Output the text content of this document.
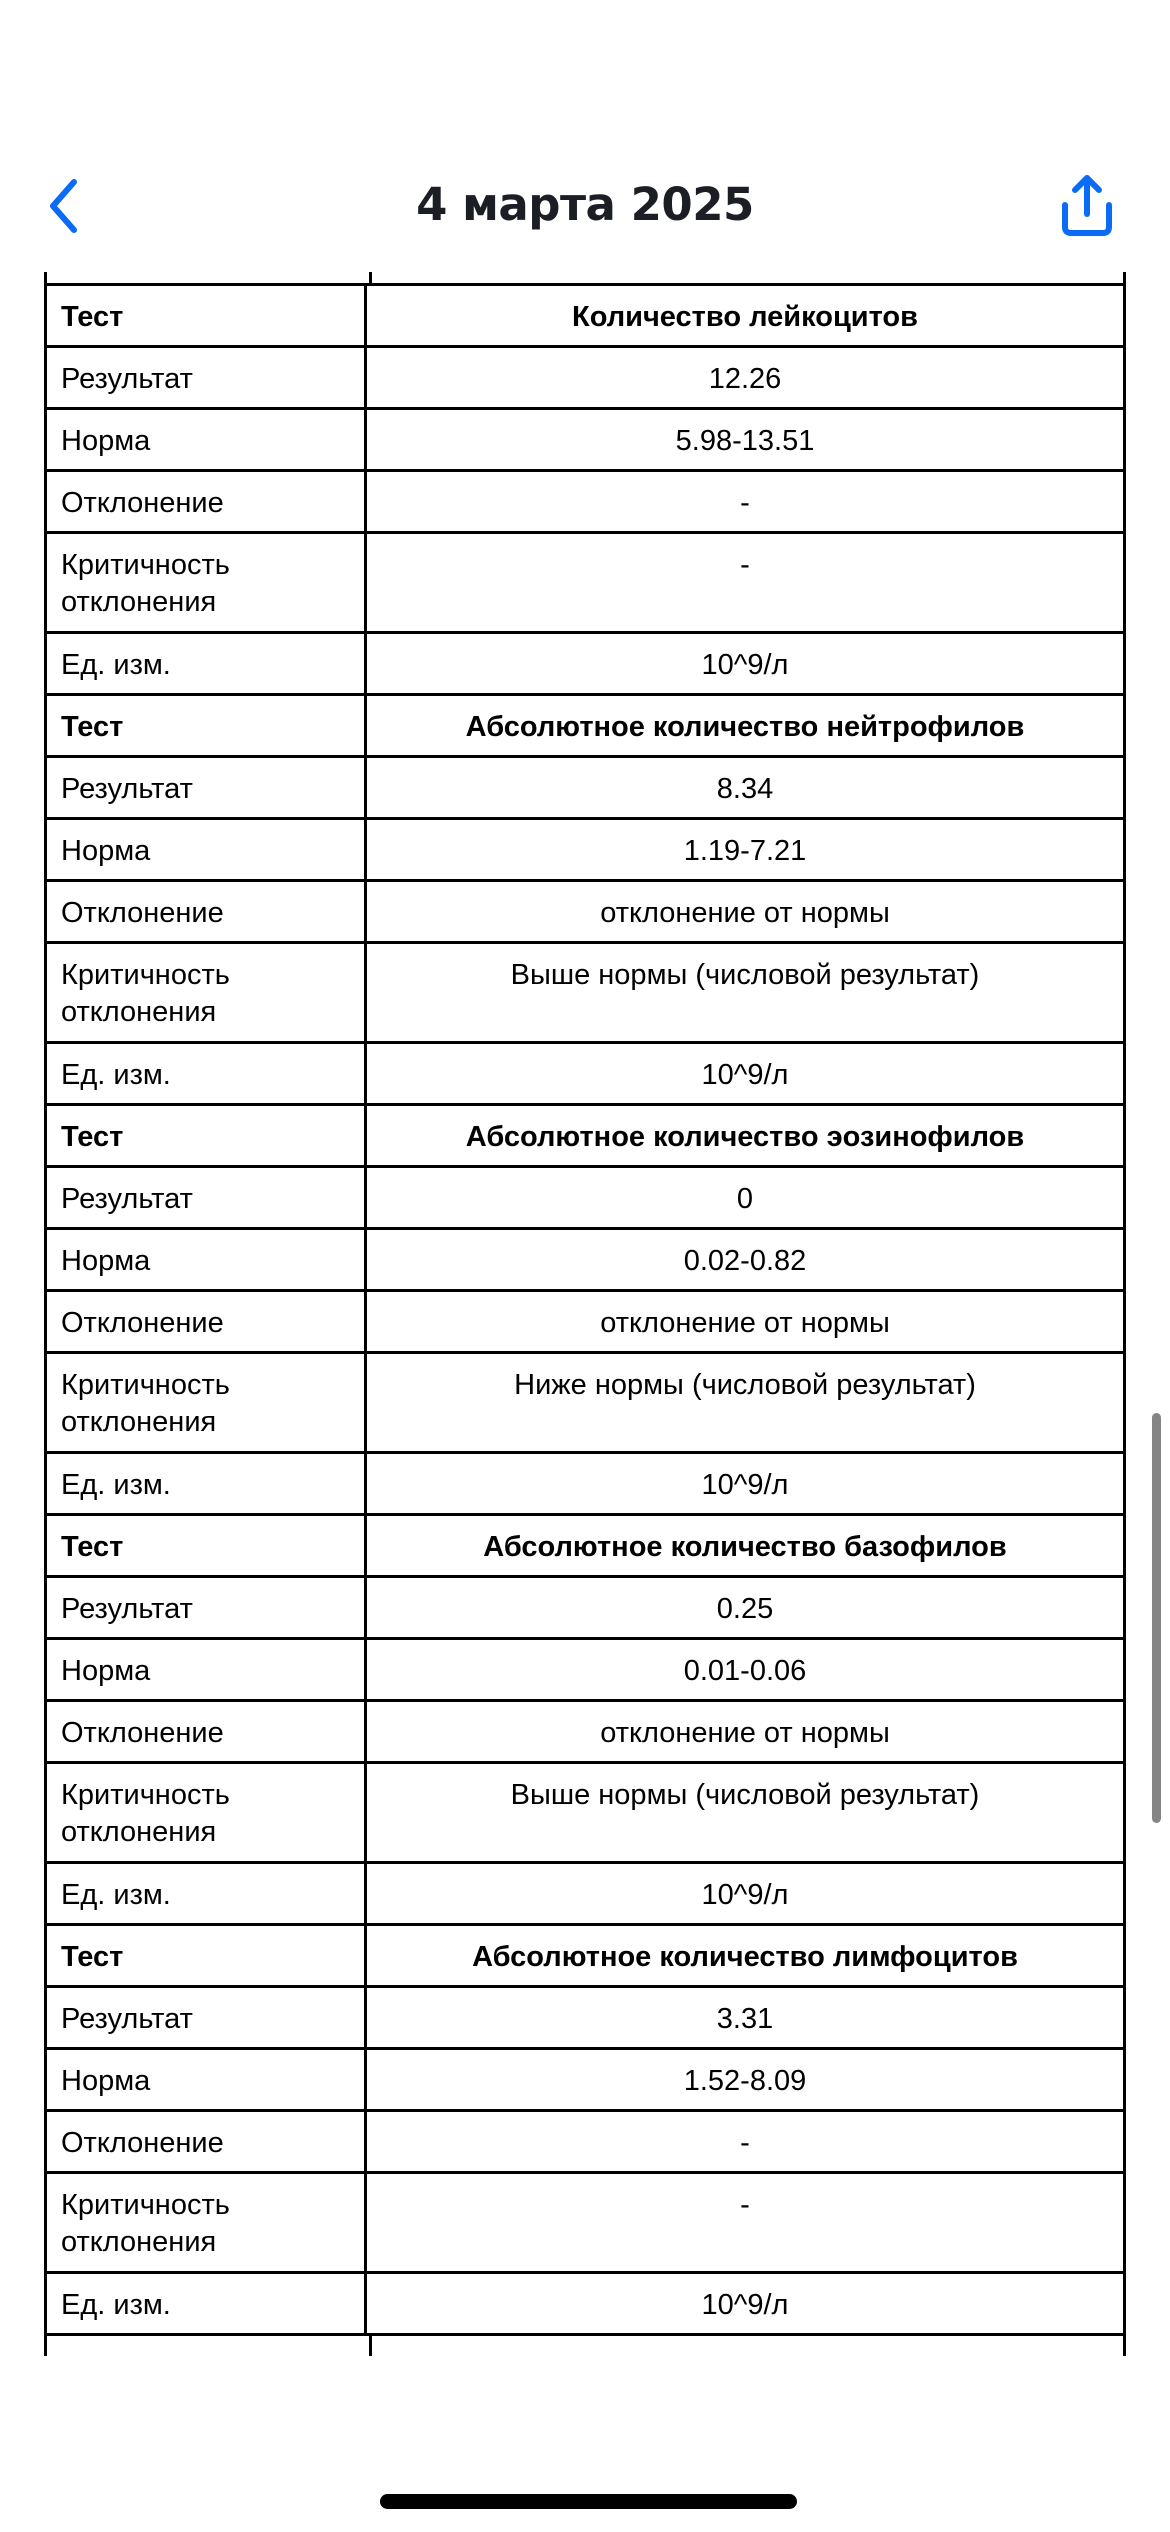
4 марта 2025
Тест	Количество лейкоцитов
Результат	12.26
Норма	5.98-13.51
Отклонение	-
Критичность отклонения	-
Ед. изм.	10^9/л
Тест	Абсолютное количество нейтрофилов
Результат	8.34
Норма	1.19-7.21
Отклонение	отклонение от нормы
Критичность отклонения	Выше нормы (числовой результат)
Ед. изм.	10^9/л
Тест	Абсолютное количество эозинофилов
Результат	0
Норма	0.02-0.82
Отклонение	отклонение от нормы
Критичность отклонения	Ниже нормы (числовой результат)
Ед. изм.	10^9/л
Тест	Абсолютное количество базофилов
Результат	0.25
Норма	0.01-0.06
Отклонение	отклонение от нормы
Критичность отклонения	Выше нормы (числовой результат)
Ед. изм.	10^9/л
Тест	Абсолютное количество лимфоцитов
Результат	3.31
Норма	1.52-8.09
Отклонение	-
Критичность отклонения	-
Ед. изм.	10^9/л
